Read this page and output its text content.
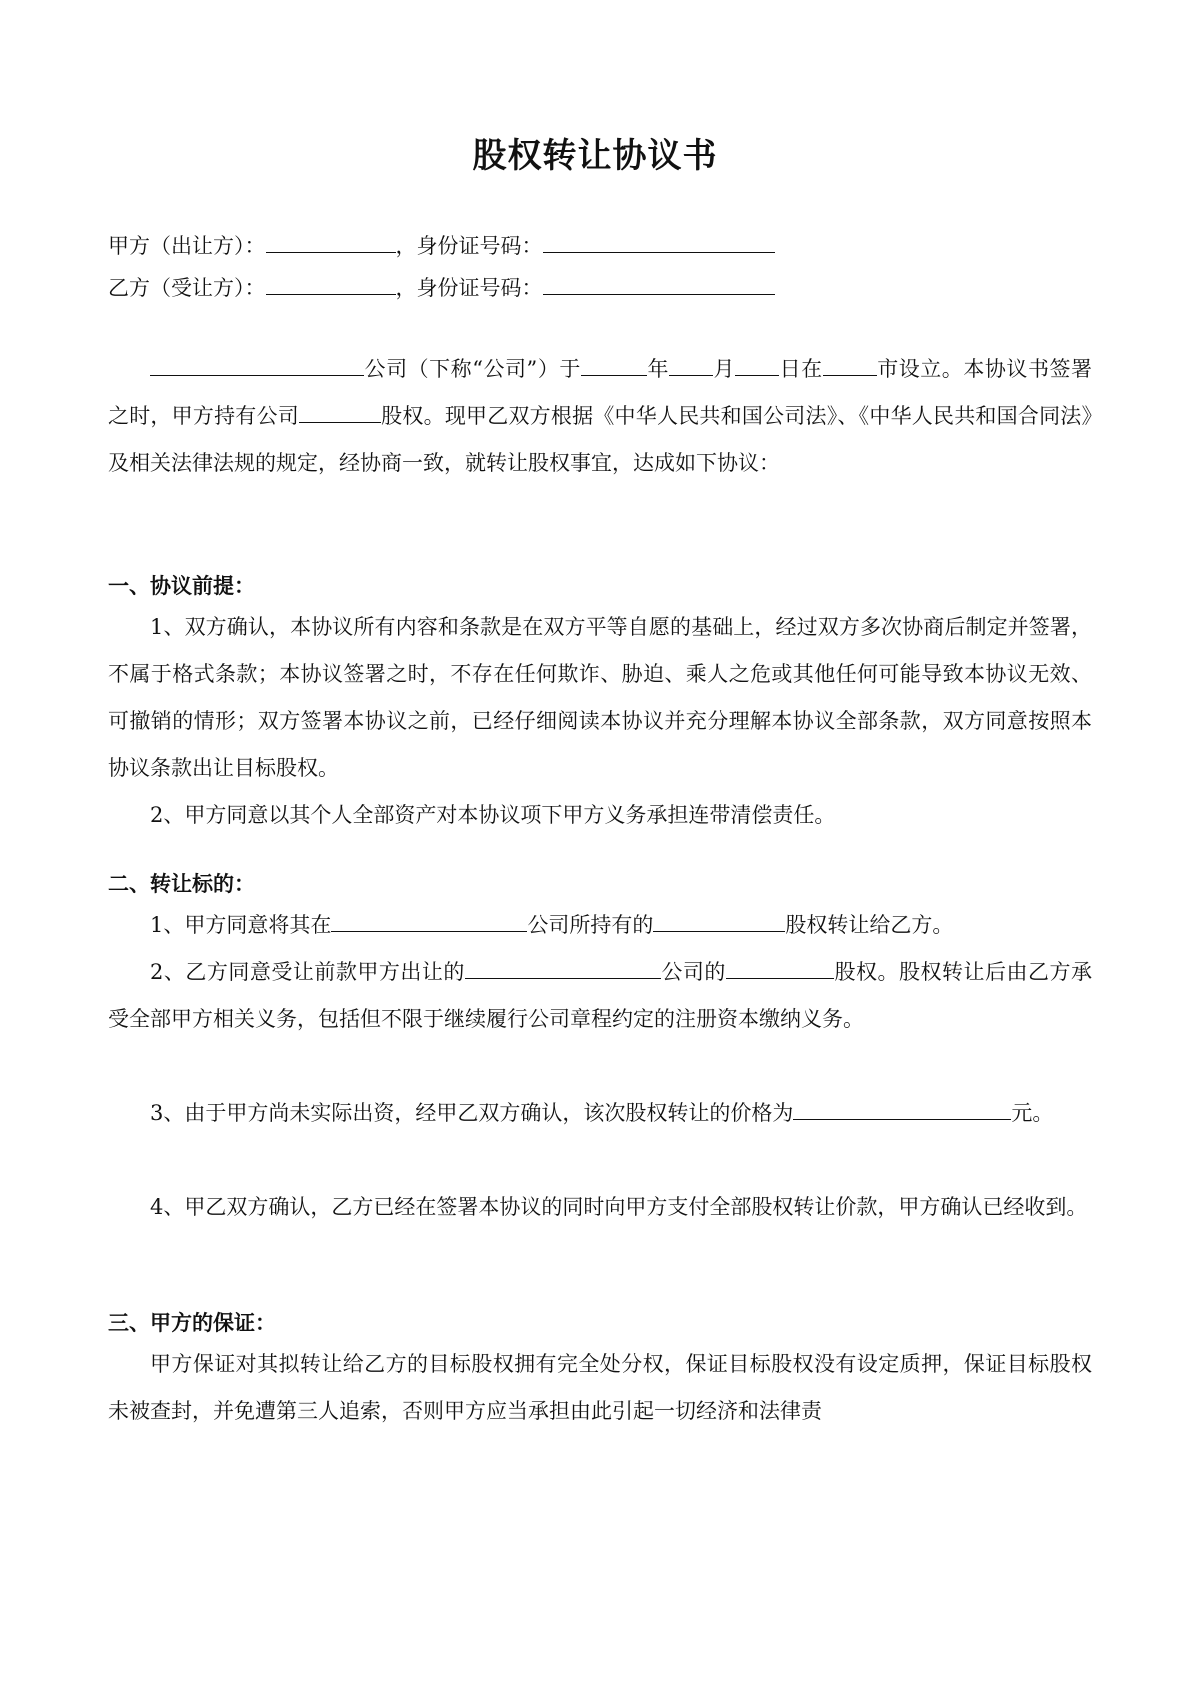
股权转让协议书
甲方（出让方）：	，身份证号码：
乙方（受让方）：	，身份证号码：
公司（下称“公司”）于	年 月 日在	市设立。本协议书签署之时，甲方持有公司	股权。现甲乙双方根据《中华人民共和国公司法》、《中华人民共和国合同法》及相关法律法规的规定，经协商一致，就转让股权事宜，达成如下协议：
一、协议前提：
1、双方确认，本协议所有内容和条款是在双方平等自愿的基础上，经过双方多次协商后制定并签署，不属于格式条款；本协议签署之时，不存在任何欺诈、胁迫、乘人之危或其他任何可能导致本协议无效、可撤销的情形；双方签署本协议之前，已经仔细阅读本协议并充分理解本协议全部条款，双方同意按照本协议条款出让目标股权。
2、甲方同意以其个人全部资产对本协议项下甲方义务承担连带清偿责任。
二、转让标的：
1、甲方同意将其在	公司所持有的	股权转让给乙方。
2、乙方同意受让前款甲方出让的	公司的	股权。股权转让后由乙方承受全部甲方相关义务，包括但不限于继续履行公司章程约定的注册资本缴纳义务。
3、由于甲方尚未实际出资，经甲乙双方确认，该次股权转让的价格为	元。
4、甲乙双方确认，乙方已经在签署本协议的同时向甲方支付全部股权转让价款，甲方确认已经收到。
三、甲方的保证：
甲方保证对其拟转让给乙方的目标股权拥有完全处分权，保证目标股权没有设定质押，保证目标股权未被查封，并免遭第三人追索，否则甲方应当承担由此引起一切经济和法律责
